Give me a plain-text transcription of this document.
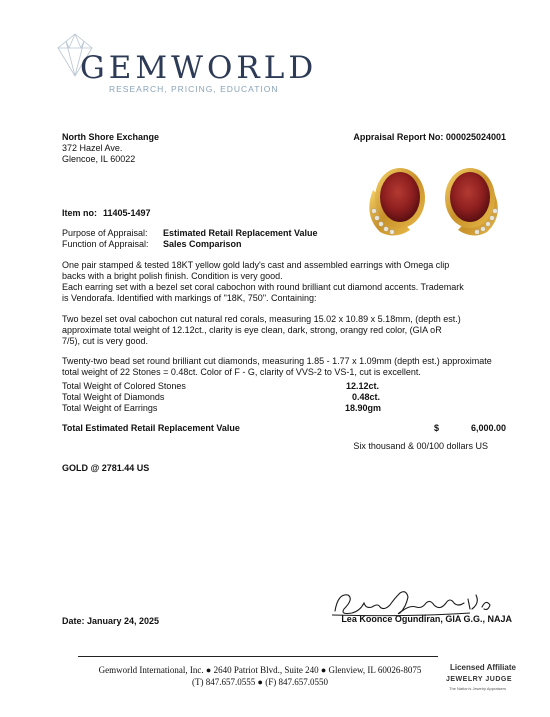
GEMWORLD
RESEARCH, PRICING, EDUCATION
North Shore Exchange
372 Hazel Ave.
Glencoe, IL 60022
Appraisal Report No: 000025024001
Item no: 11405-1497
Purpose of Appraisal: Estimated Retail Replacement Value
Function of Appraisal: Sales Comparison
One pair stamped & tested 18KT yellow gold lady's cast and assembled earrings with Omega clip
backs with a bright polish finish. Condition is very good.
Each earring set with a bezel set coral cabochon with round brilliant cut diamond accents. Trademark
is Vendorafa. Identified with markings of "18K, 750". Containing:
Two bezel set oval cabochon cut natural red corals, measuring 15.02 x 10.89 x 5.18mm, (depth est.)
approximate total weight of 12.12ct., clarity is eye clean, dark, strong, orangy red color, (GIA oR
7/5), cut is very good.
Twenty-two bead set round brilliant cut diamonds, measuring 1.85 - 1.77 x 1.09mm (depth est.) approximate
total weight of 22 Stones = 0.48ct. Color of F - G, clarity of VVS-2 to VS-1, cut is excellent.
Total Weight of Colored Stones	12.12ct.
Total Weight of Diamonds	0.48ct.
Total Weight of Earrings	18.90gm
Total Estimated Retail Replacement Value	$	6,000.00
Six thousand & 00/100 dollars US
GOLD @ 2781.44 US
Date: January 24, 2025	Lea Koonce Ogundiran, GIA G.G., NAJA
Gemworld International, Inc. ● 2640 Patriot Blvd., Suite 240 ● Glenview, IL 60026-8075
(T) 847.657.0555 ● (F) 847.657.0550
Licensed Affiliate
JEWELRY JUDGE
The Nation's Jewelry Appraisers
